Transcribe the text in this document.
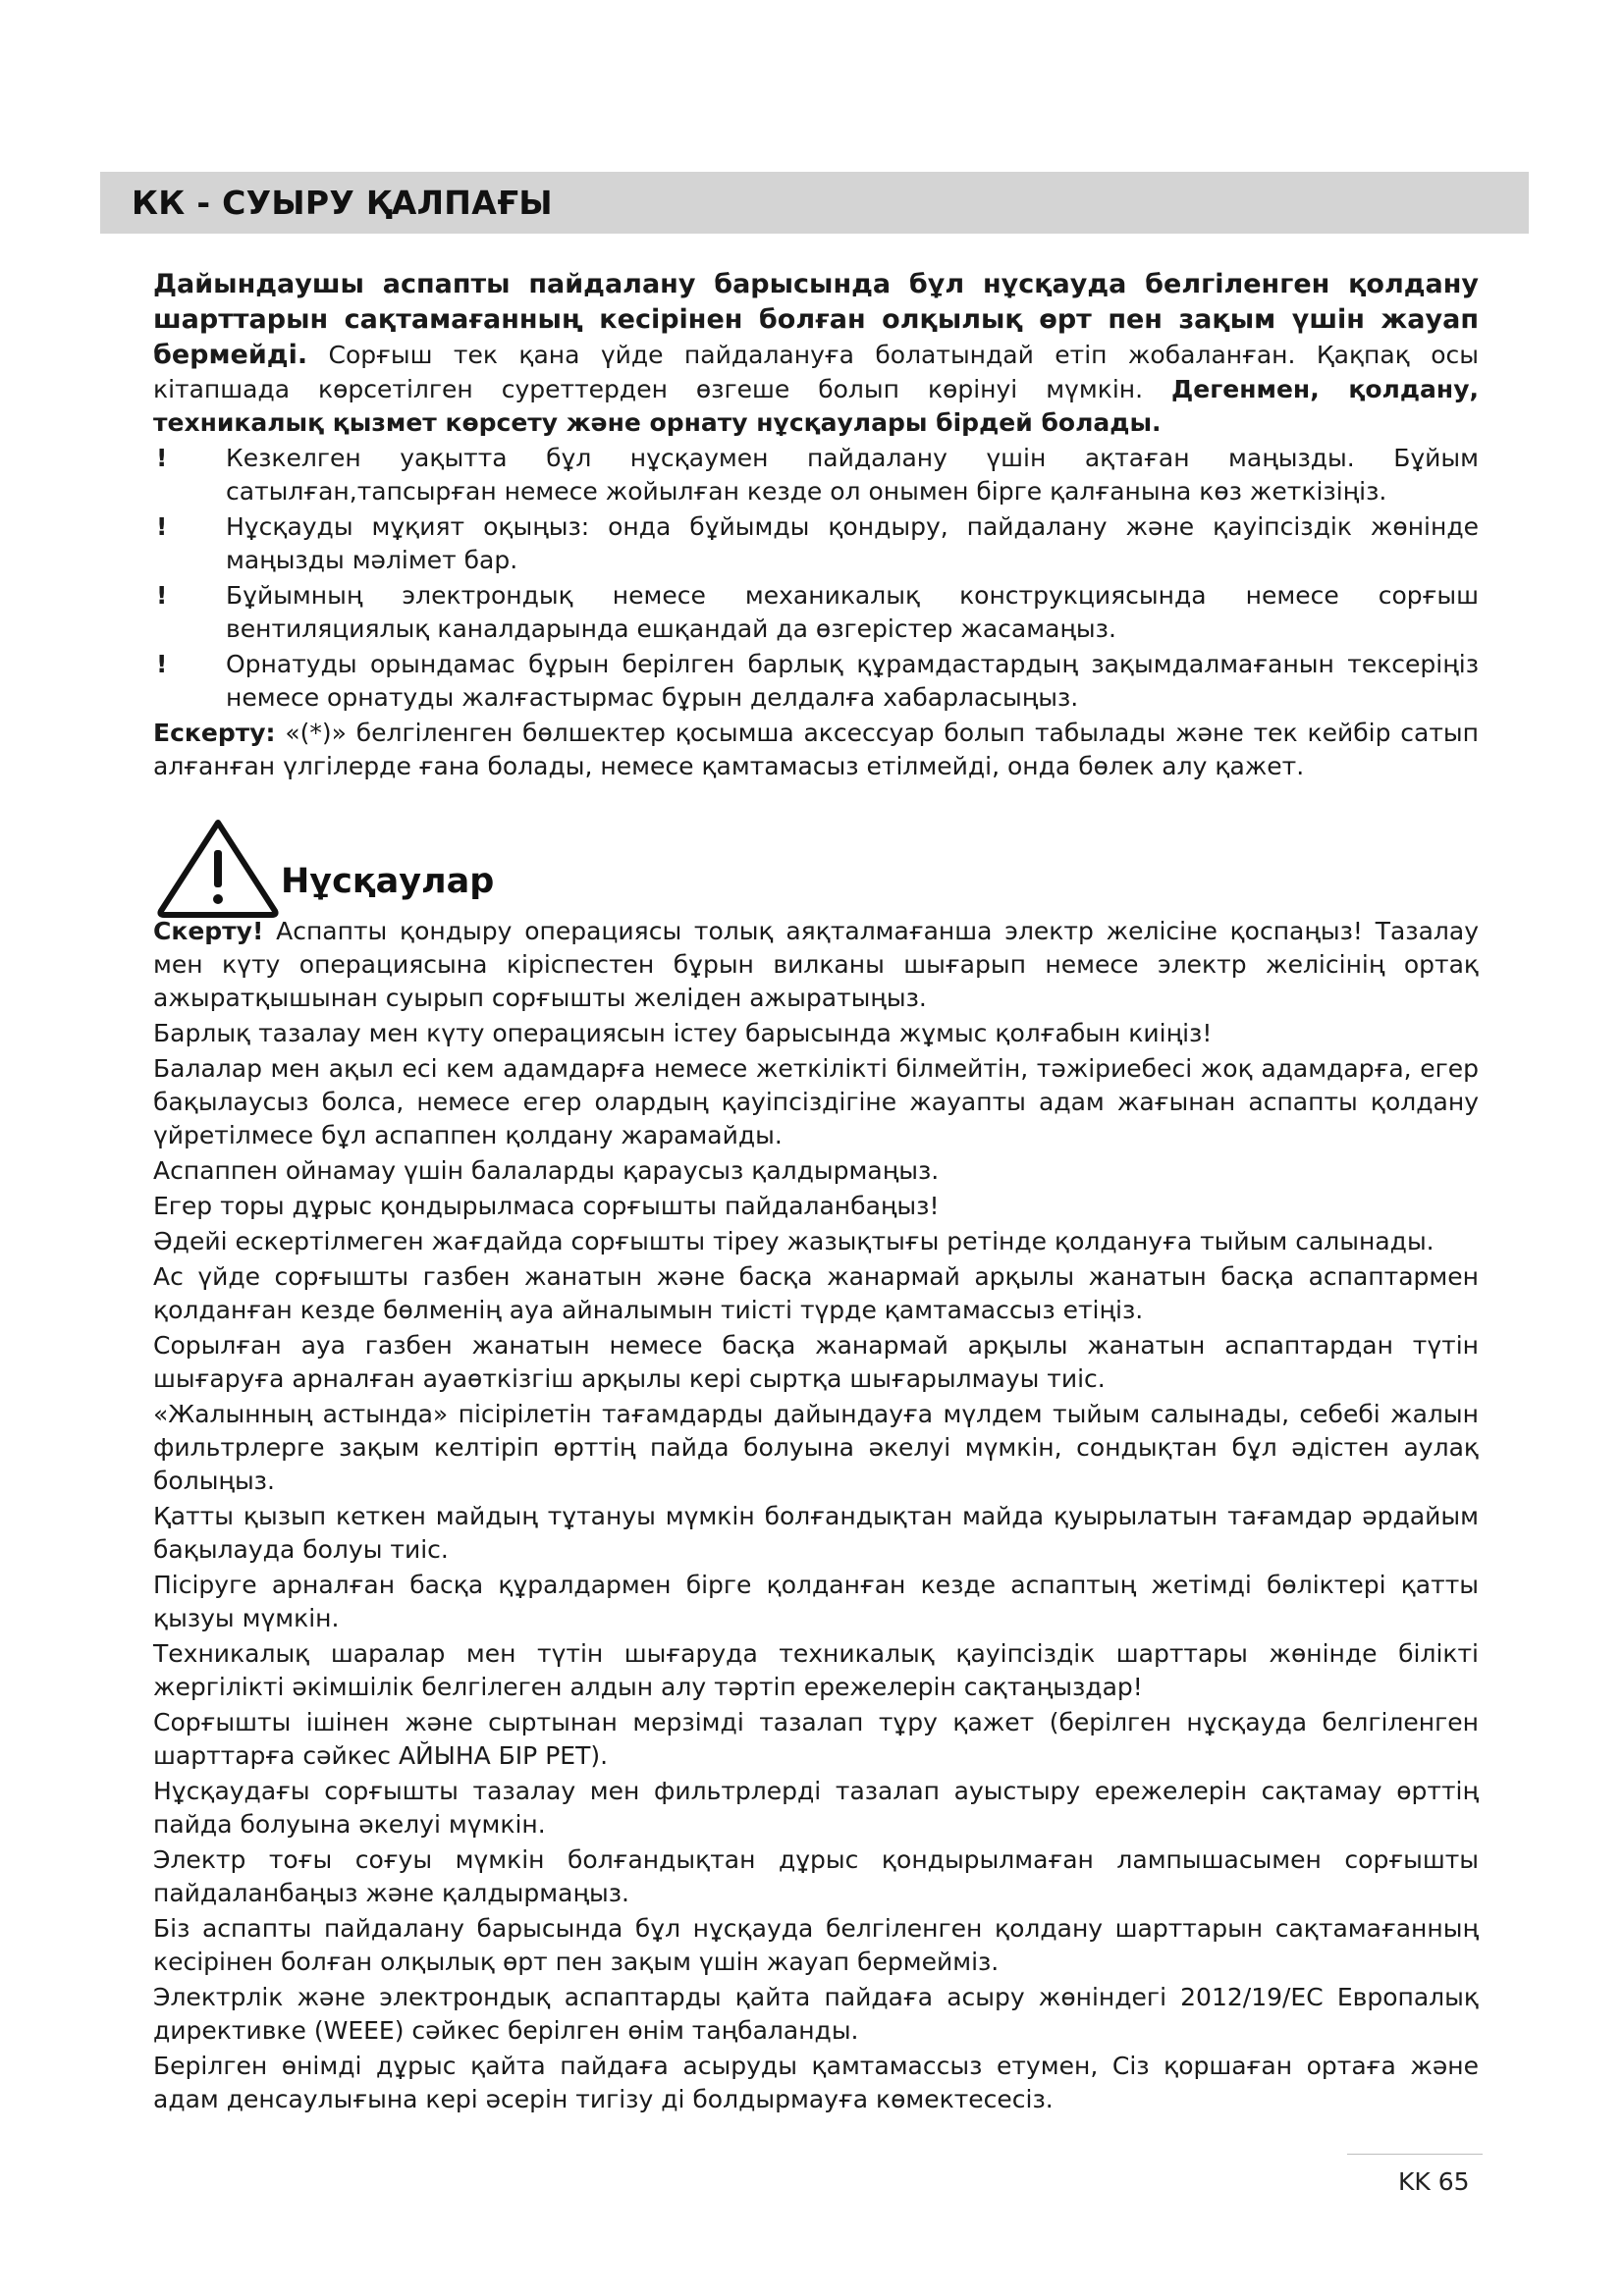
КК - СУЫРУ ҚАЛПАҒЫ

Дайындаушы аспапты пайдалану барысында бұл нұсқауда белгіленген қолдану шарттарын сақтамағанның кесірінен болған олқылық өрт пен зақым үшін жауап бермейді. Сорғыш тек қана үйде пайдалануға болатындай етіп жобаланған. Қақпақ осы кітапшада көрсетілген суреттерден өзгеше болып көрінуі мүмкін. Дегенмен, қолдану, техникалық қызмет көрсету және орнату нұсқаулары бірдей болады.

! Кезкелген уақытта бұл нұсқаумен пайдалану үшін ақтаған маңызды. Бұйым сатылған,тапсырған немесе жойылған кезде ол онымен бірге қалғанына көз жеткізіңіз.
! Нұсқауды мұқият оқыңыз: онда бұйымды қондыру, пайдалану және қауіпсіздік жөнінде маңызды мәлімет бар.
! Бұйымның электрондық немесе механикалық конструкциясында немесе сорғыш вентиляциялық каналдарында ешқандай да өзгерістер жасамаңыз.
! Орнатуды орындамас бұрын берілген барлық құрамдастардың зақымдалмағанын тексеріңіз немесе орнатуды жалғастырмас бұрын делдалға хабарласыңыз.

Ескерту: «(*)» белгіленген бөлшектер қосымша аксессуар болып табылады және тек кейбір сатып алғанған үлгілерде ғана болады, немесе қамтамасыз етілмейді, онда бөлек алу қажет.

Нұсқаулар

Скерту! Аспапты қондыру операциясы толық аяқталмағанша электр желісіне қоспаңыз! Тазалау мен күту операциясына кіріспестен бұрын вилканы шығарып немесе электр желісінің ортақ ажыратқышынан суырып сорғышты желіден ажыратыңыз.

Барлық тазалау мен күту операциясын істеу барысында жұмыс қолғабын киіңіз!

Балалар мен ақыл есі кем адамдарға немесе жеткілікті білмейтін, тәжіриебесі жоқ адамдарға, егер бақылаусыз болса, немесе егер олардың қауіпсіздігіне жауапты адам жағынан аспапты қолдану үйретілмесе бұл аспаппен қолдану жарамайды.

Аспаппен ойнамау үшін балаларды қараусыз қалдырмаңыз.

Егер торы дұрыс қондырылмаса сорғышты пайдаланбаңыз!

Әдейі ескертілмеген жағдайда сорғышты тіреу жазықтығы ретінде қолдануға тыйым салынады.

Ас үйде сорғышты газбен жанатын және басқа жанармай арқылы жанатын басқа аспаптармен қолданған кезде бөлменің ауа айналымын тиісті түрде қамтамассыз етіңіз.

Сорылған ауа газбен жанатын немесе басқа жанармай арқылы жанатын аспаптардан түтін шығаруға арналған ауаөткізгіш арқылы кері сыртқа шығарылмауы тиіс.

«Жалынның астында» пісірілетін тағамдарды дайындауға мүлдем тыйым салынады, себебі жалын фильтрлерге зақым келтіріп өрттің пайда болуына әкелуі мүмкін, сондықтан бұл әдістен аулақ болыңыз.

Қатты қызып кеткен майдың тұтануы мүмкін болғандықтан майда қуырылатын тағамдар әрдайым бақылауда болуы тиіс.

Пісіруге арналған басқа құралдармен бірге қолданған кезде аспаптың жетімді бөліктері қатты қызуы мүмкін.

Техникалық шаралар мен түтін шығаруда техникалық қауіпсіздік шарттары жөнінде білікті жергілікті әкімшілік белгілеген алдын алу тәртіп ережелерін сақтаңыздар!

Сорғышты ішінен және сыртынан мерзімді тазалап тұру қажет (берілген нұсқауда белгіленген шарттарға сәйкес АЙЫНА БІР РЕТ).

Нұсқаудағы сорғышты тазалау мен фильтрлерді тазалап ауыстыру ережелерін сақтамау өрттің пайда болуына әкелуі мүмкін.

Электр тоғы соғуы мүмкін болғандықтан дұрыс қондырылмаған лампышасымен сорғышты пайдаланбаңыз және қалдырмаңыз.

Біз аспапты пайдалану барысында бұл нұсқауда белгіленген қолдану шарттарын сақтамағанның кесірінен болған олқылық өрт пен зақым үшін жауап бермейміз.

Электрлік және электрондық аспаптарды қайта пайдаға асыру жөніндегі 2012/19/ЕС Европалық директивке (WEEE) сәйкес берілген өнім таңбаланды.

Берілген өнімді дұрыс қайта пайдаға асыруды қамтамассыз етумен, Сіз қоршаған ортаға және адам денсаулығына кері әсерін тигізу ді болдырмауға көмектесесіз.

KK 65
